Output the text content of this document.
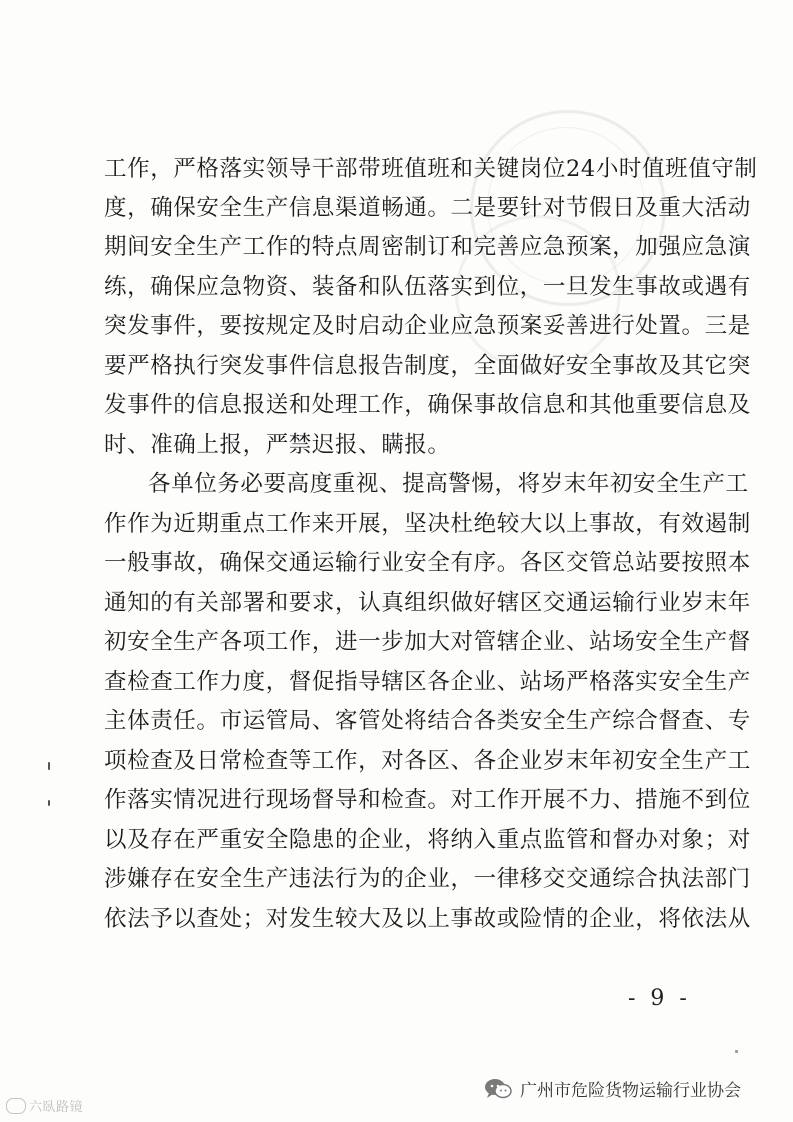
工作，严格落实领导干部带班值班和关键岗位24小时值班值守制
度，确保安全生产信息渠道畅通。二是要针对节假日及重大活动
期间安全生产工作的特点周密制订和完善应急预案，加强应急演
练，确保应急物资、装备和队伍落实到位，一旦发生事故或遇有
突发事件，要按规定及时启动企业应急预案妥善进行处置。三是
要严格执行突发事件信息报告制度，全面做好安全事故及其它突
发事件的信息报送和处理工作，确保事故信息和其他重要信息及
时、准确上报，严禁迟报、瞒报。
各单位务必要高度重视、提高警惕，将岁末年初安全生产工
作作为近期重点工作来开展，坚决杜绝较大以上事故，有效遏制
一般事故，确保交通运输行业安全有序。各区交管总站要按照本
通知的有关部署和要求，认真组织做好辖区交通运输行业岁末年
初安全生产各项工作，进一步加大对管辖企业、站场安全生产督
查检查工作力度，督促指导辖区各企业、站场严格落实安全生产
主体责任。市运管局、客管处将结合各类安全生产综合督查、专
项检查及日常检查等工作，对各区、各企业岁末年初安全生产工
作落实情况进行现场督导和检查。对工作开展不力、措施不到位
以及存在严重安全隐患的企业，将纳入重点监管和督办对象；对
涉嫌存在安全生产违法行为的企业，一律移交交通综合执法部门
依法予以查处；对发生较大及以上事故或险情的企业，将依法从
- 9 -
广州市危险货物运输行业协会
六臥路镜
